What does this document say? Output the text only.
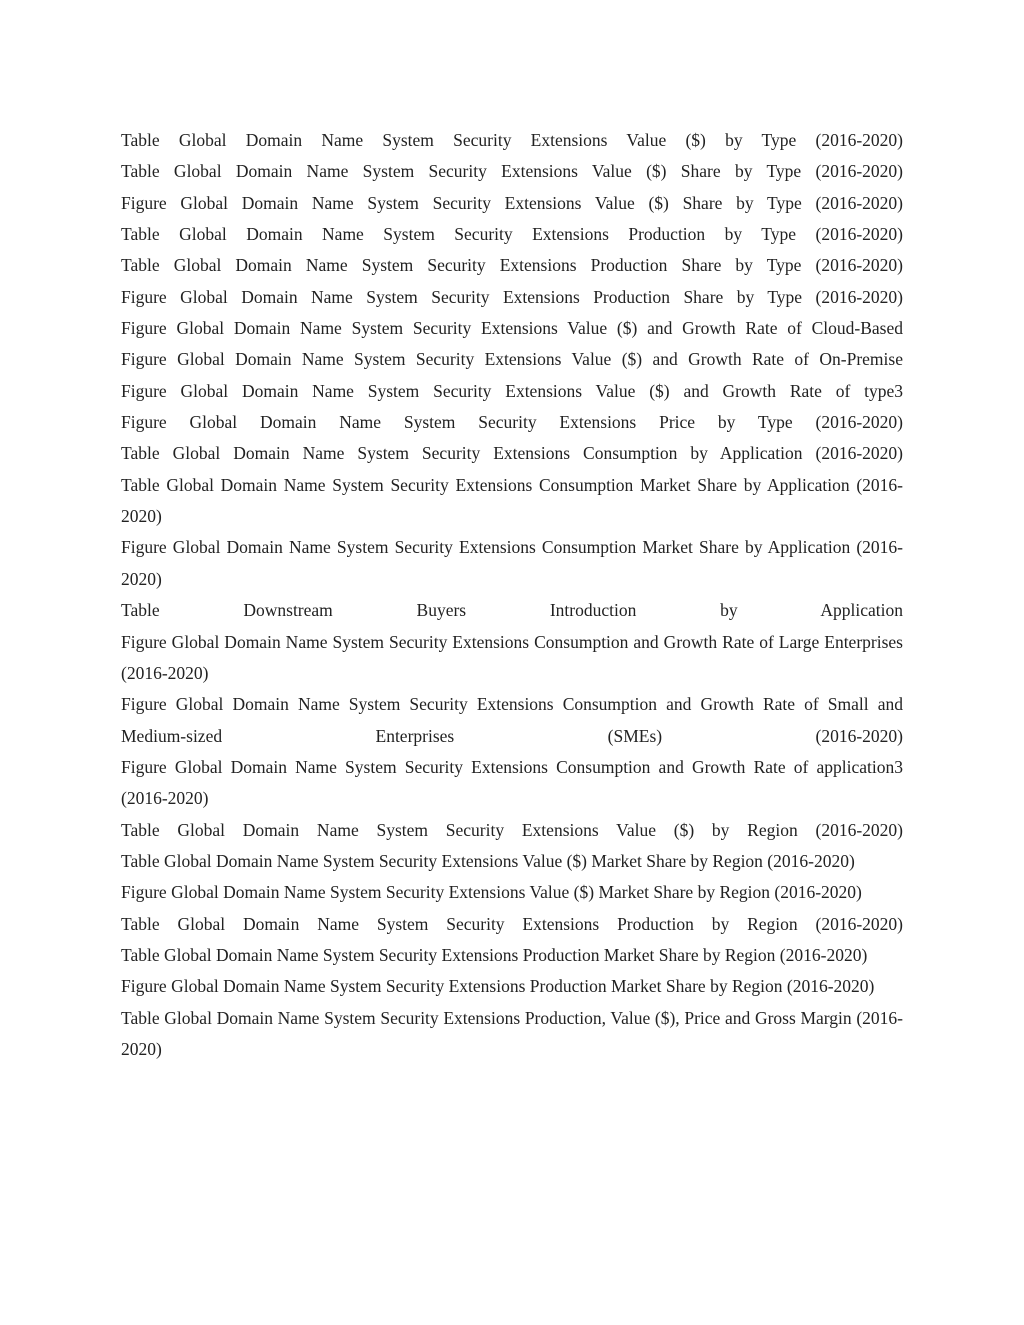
Table Global Domain Name System Security Extensions Value ($) by Type (2016-2020)

Table Global Domain Name System Security Extensions Value ($) Share by Type (2016-2020)

Figure Global Domain Name System Security Extensions Value ($) Share by Type (2016-2020)

Table Global Domain Name System Security Extensions Production by Type (2016-2020)

Table Global Domain Name System Security Extensions Production Share by Type (2016-2020)

Figure Global Domain Name System Security Extensions Production Share by Type (2016-2020)

Figure Global Domain Name System Security Extensions Value ($) and Growth Rate of Cloud-Based

Figure Global Domain Name System Security Extensions Value ($) and Growth Rate of On-Premise

Figure Global Domain Name System Security Extensions Value ($) and Growth Rate of type3

Figure Global Domain Name System Security Extensions Price by Type (2016-2020)

Table Global Domain Name System Security Extensions Consumption by Application (2016-2020)

Table Global Domain Name System Security Extensions Consumption Market Share by Application (2016-2020)

Figure Global Domain Name System Security Extensions Consumption Market Share by Application (2016-2020)

Table Downstream Buyers Introduction by Application

Figure Global Domain Name System Security Extensions Consumption and Growth Rate of Large Enterprises (2016-2020)

Figure Global Domain Name System Security Extensions Consumption and Growth Rate of Small and Medium-sized Enterprises (SMEs) (2016-2020)

Figure Global Domain Name System Security Extensions Consumption and Growth Rate of application3 (2016-2020)

Table Global Domain Name System Security Extensions Value ($) by Region (2016-2020)

Table Global Domain Name System Security Extensions Value ($) Market Share by Region (2016-2020)

Figure Global Domain Name System Security Extensions Value ($) Market Share by Region (2016-2020)

Table Global Domain Name System Security Extensions Production by Region (2016-2020)

Table Global Domain Name System Security Extensions Production Market Share by Region (2016-2020)

Figure Global Domain Name System Security Extensions Production Market Share by Region (2016-2020)

Table Global Domain Name System Security Extensions Production, Value ($), Price and Gross Margin (2016-2020)
